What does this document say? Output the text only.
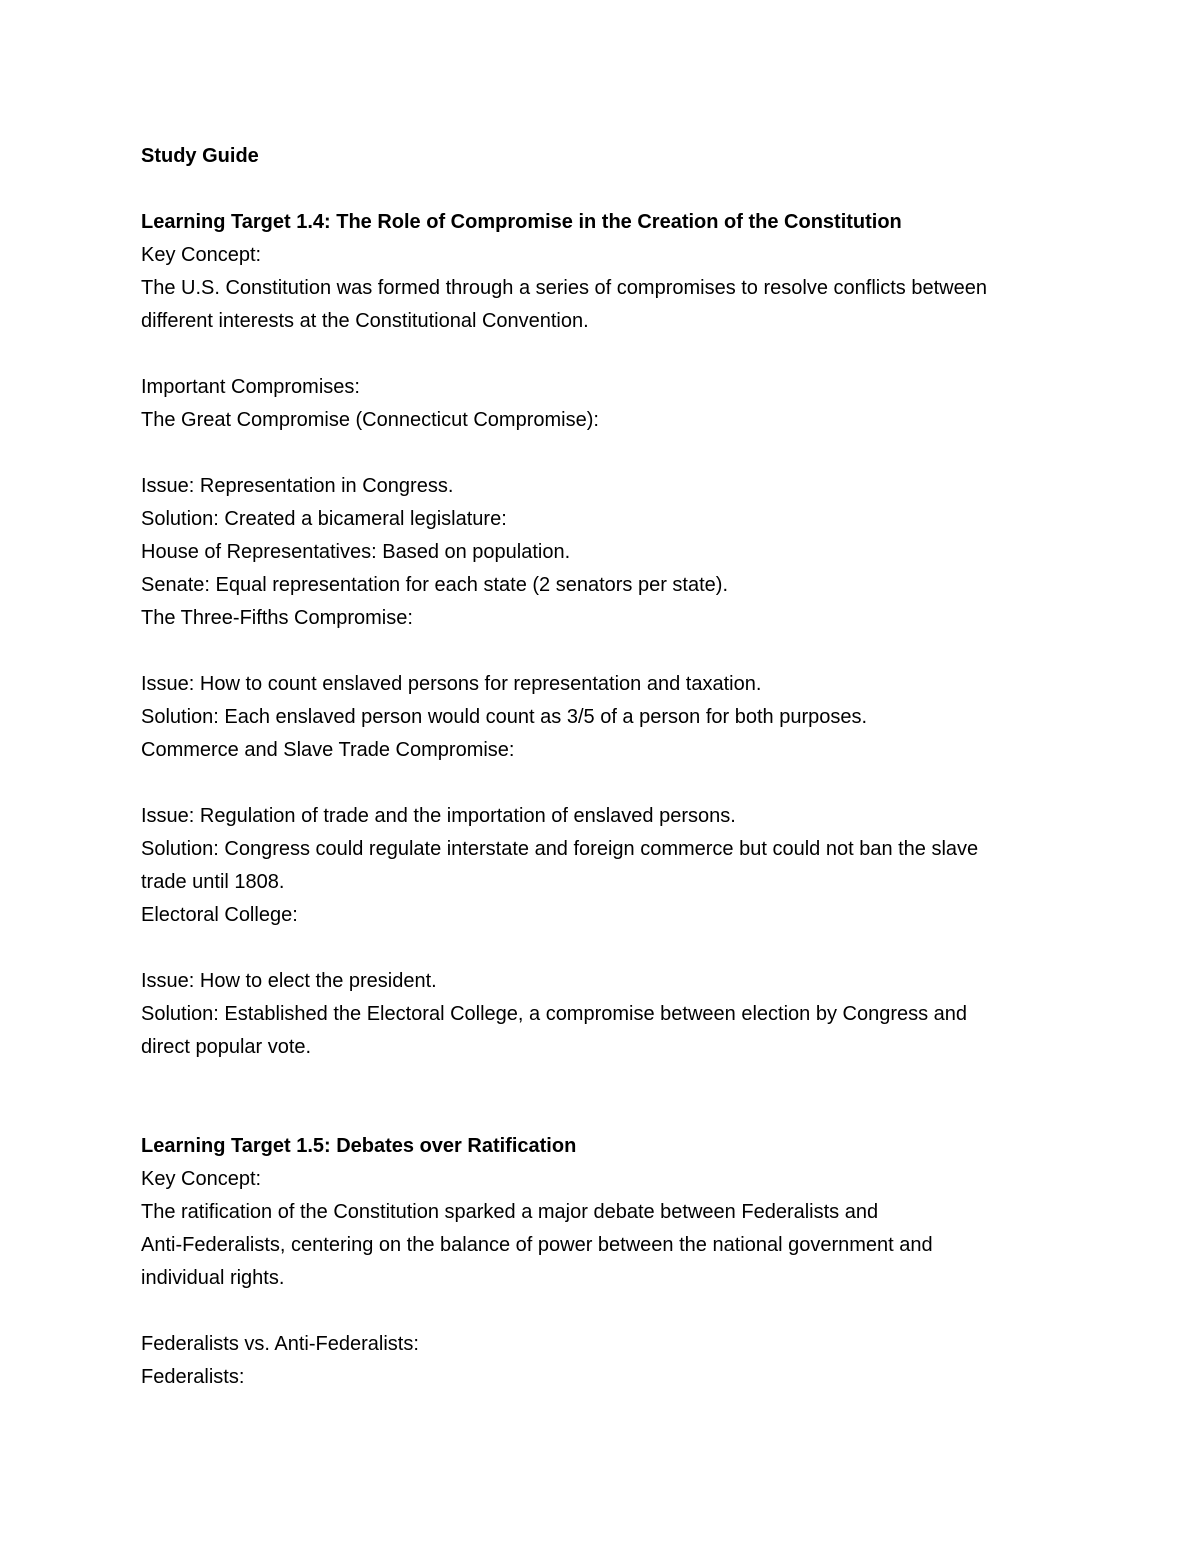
Study Guide
Learning Target 1.4: The Role of Compromise in the Creation of the Constitution
Key Concept:
The U.S. Constitution was formed through a series of compromises to resolve conflicts between
different interests at the Constitutional Convention.
Important Compromises:
The Great Compromise (Connecticut Compromise):
Issue: Representation in Congress.
Solution: Created a bicameral legislature:
House of Representatives: Based on population.
Senate: Equal representation for each state (2 senators per state).
The Three-Fifths Compromise:
Issue: How to count enslaved persons for representation and taxation.
Solution: Each enslaved person would count as 3/5 of a person for both purposes.
Commerce and Slave Trade Compromise:
Issue: Regulation of trade and the importation of enslaved persons.
Solution: Congress could regulate interstate and foreign commerce but could not ban the slave
trade until 1808.
Electoral College:
Issue: How to elect the president.
Solution: Established the Electoral College, a compromise between election by Congress and
direct popular vote.
Learning Target 1.5: Debates over Ratification
Key Concept:
The ratification of the Constitution sparked a major debate between Federalists and
Anti-Federalists, centering on the balance of power between the national government and
individual rights.
Federalists vs. Anti-Federalists:
Federalists:
